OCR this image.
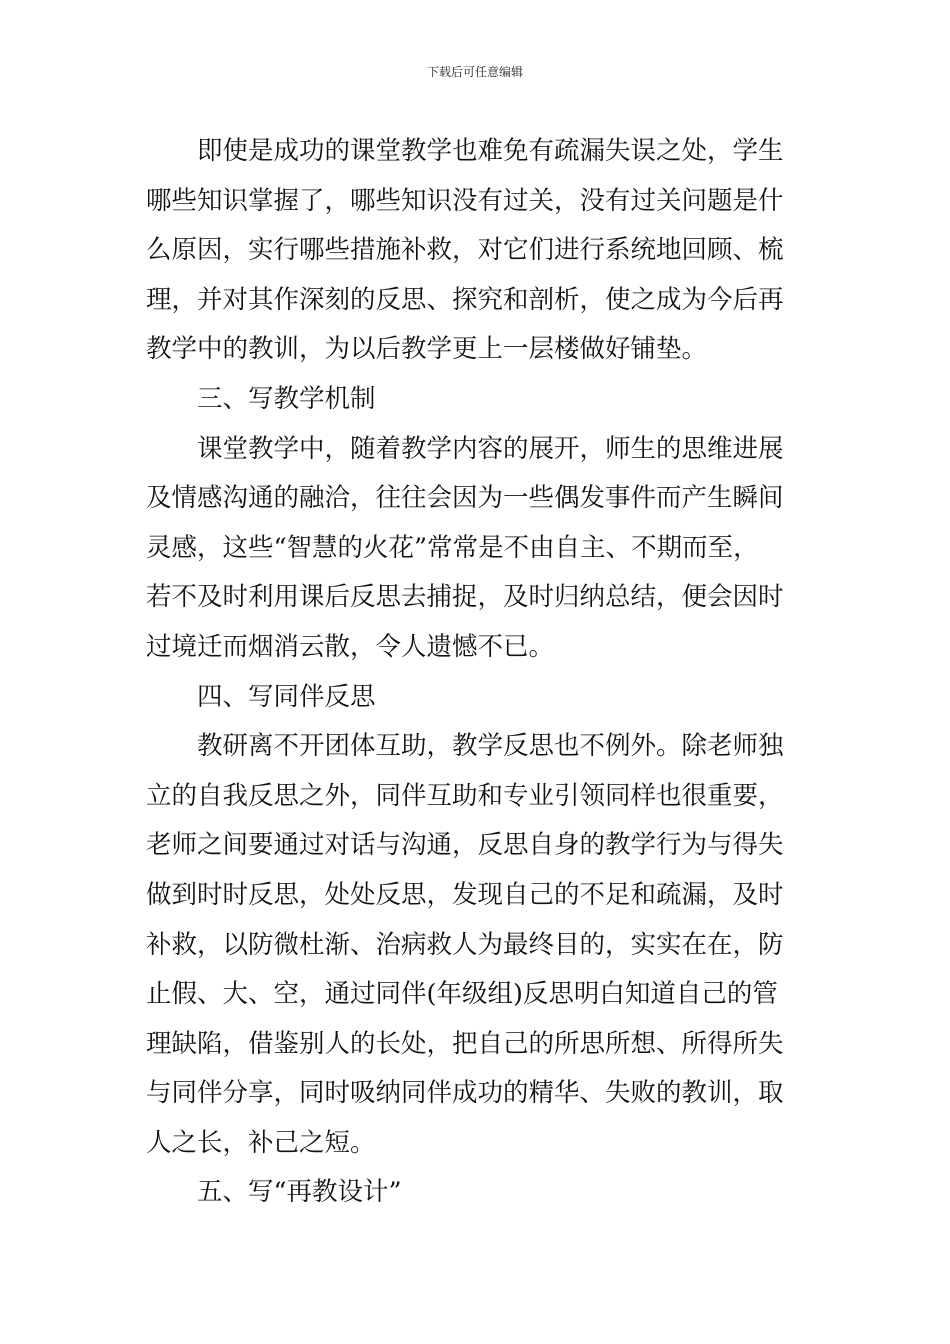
下载后可任意编辑
即使是成功的课堂教学也难免有疏漏失误之处，学生
哪些知识掌握了，哪些知识没有过关，没有过关问题是什
么原因，实行哪些措施补救，对它们进行系统地回顾、梳
理，并对其作深刻的反思、探究和剖析，使之成为今后再
教学中的教训，为以后教学更上一层楼做好铺垫。
三、写教学机制
课堂教学中，随着教学内容的展开，师生的思维进展
及情感沟通的融洽，往往会因为一些偶发事件而产生瞬间
灵感，这些“智慧的火花”常常是不由自主、不期而至，
若不及时利用课后反思去捕捉，及时归纳总结，便会因时
过境迁而烟消云散，令人遗憾不已。
四、写同伴反思
教研离不开团体互助，教学反思也不例外。除老师独
立的自我反思之外，同伴互助和专业引领同样也很重要，
老师之间要通过对话与沟通，反思自身的教学行为与得失
做到时时反思，处处反思，发现自己的不足和疏漏，及时
补救，以防微杜渐、治病救人为最终目的，实实在在，防
止假、大、空，通过同伴(年级组)反思明白知道自己的管
理缺陷，借鉴别人的长处，把自己的所思所想、所得所失
与同伴分享，同时吸纳同伴成功的精华、失败的教训，取
人之长，补己之短。
五、写“再教设计”
